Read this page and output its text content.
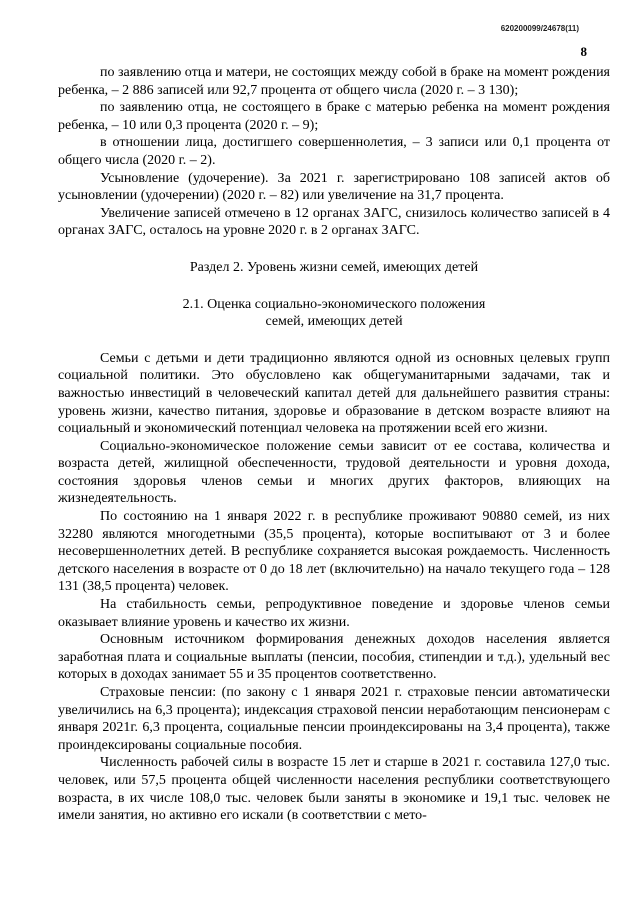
620200099/24678(11)

8

по заявлению отца и матери, не состоящих между собой в браке на момент рождения ребенка, – 2 886 записей или 92,7 процента от общего числа (2020 г. – 3 130);

по заявлению отца, не состоящего в браке с матерью ребенка на момент рождения ребенка, – 10 или 0,3 процента (2020 г. – 9);

в отношении лица, достигшего совершеннолетия, – 3 записи или 0,1 процента от общего числа (2020 г. – 2).

Усыновление (удочерение). За 2021 г. зарегистрировано 108 записей актов об усыновлении (удочерении) (2020 г. – 82) или увеличение на 31,7 процента.

Увеличение записей отмечено в 12 органах ЗАГС, снизилось количество записей в 4 органах ЗАГС, осталось на уровне 2020 г. в 2 органах ЗАГС.

Раздел 2. Уровень жизни семей, имеющих детей

2.1. Оценка социально-экономического положения

семей, имеющих детей

Семьи с детьми и дети традиционно являются одной из основных целевых групп социальной политики. Это обусловлено как общегуманитарными задачами, так и важностью инвестиций в человеческий капитал детей для дальнейшего развития страны: уровень жизни, качество питания, здоровье и образование в детском возрасте влияют на социальный и экономический потенциал человека на протяжении всей его жизни.

Социально-экономическое положение семьи зависит от ее состава, количества и возраста детей, жилищной обеспеченности, трудовой деятельности и уровня дохода, состояния здоровья членов семьи и многих других факторов, влияющих на жизнедеятельность.

По состоянию на 1 января 2022 г. в республике проживают 90880 семей, из них 32280 являются многодетными (35,5 процента), которые воспитывают от 3 и более несовершеннолетних детей. В республике сохраняется высокая рождаемость. Численность детского населения в возрасте от 0 до 18 лет (включительно) на начало текущего года – 128 131 (38,5 процента) человек.

На стабильность семьи, репродуктивное поведение и здоровье членов семьи оказывает влияние уровень и качество их жизни.

Основным источником формирования денежных доходов населения является заработная плата и социальные выплаты (пенсии, пособия, стипендии и т.д.), удельный вес которых в доходах занимает 55 и 35 процентов соответственно.

Страховые пенсии: (по закону с 1 января 2021 г. страховые пенсии автоматически увеличились на 6,3 процента); индексация страховой пенсии неработающим пенсионерам с января 2021г. 6,3 процента, социальные пенсии проиндексированы на 3,4 процента), также проиндексированы социальные пособия.

Численность рабочей силы в возрасте 15 лет и старше в 2021 г. составила 127,0 тыс. человек, или 57,5 процента общей численности населения республики соответствующего возраста, в их числе 108,0 тыс. человек были заняты в экономике и 19,1 тыс. человек не имели занятия, но активно его искали (в соответствии с мето-
